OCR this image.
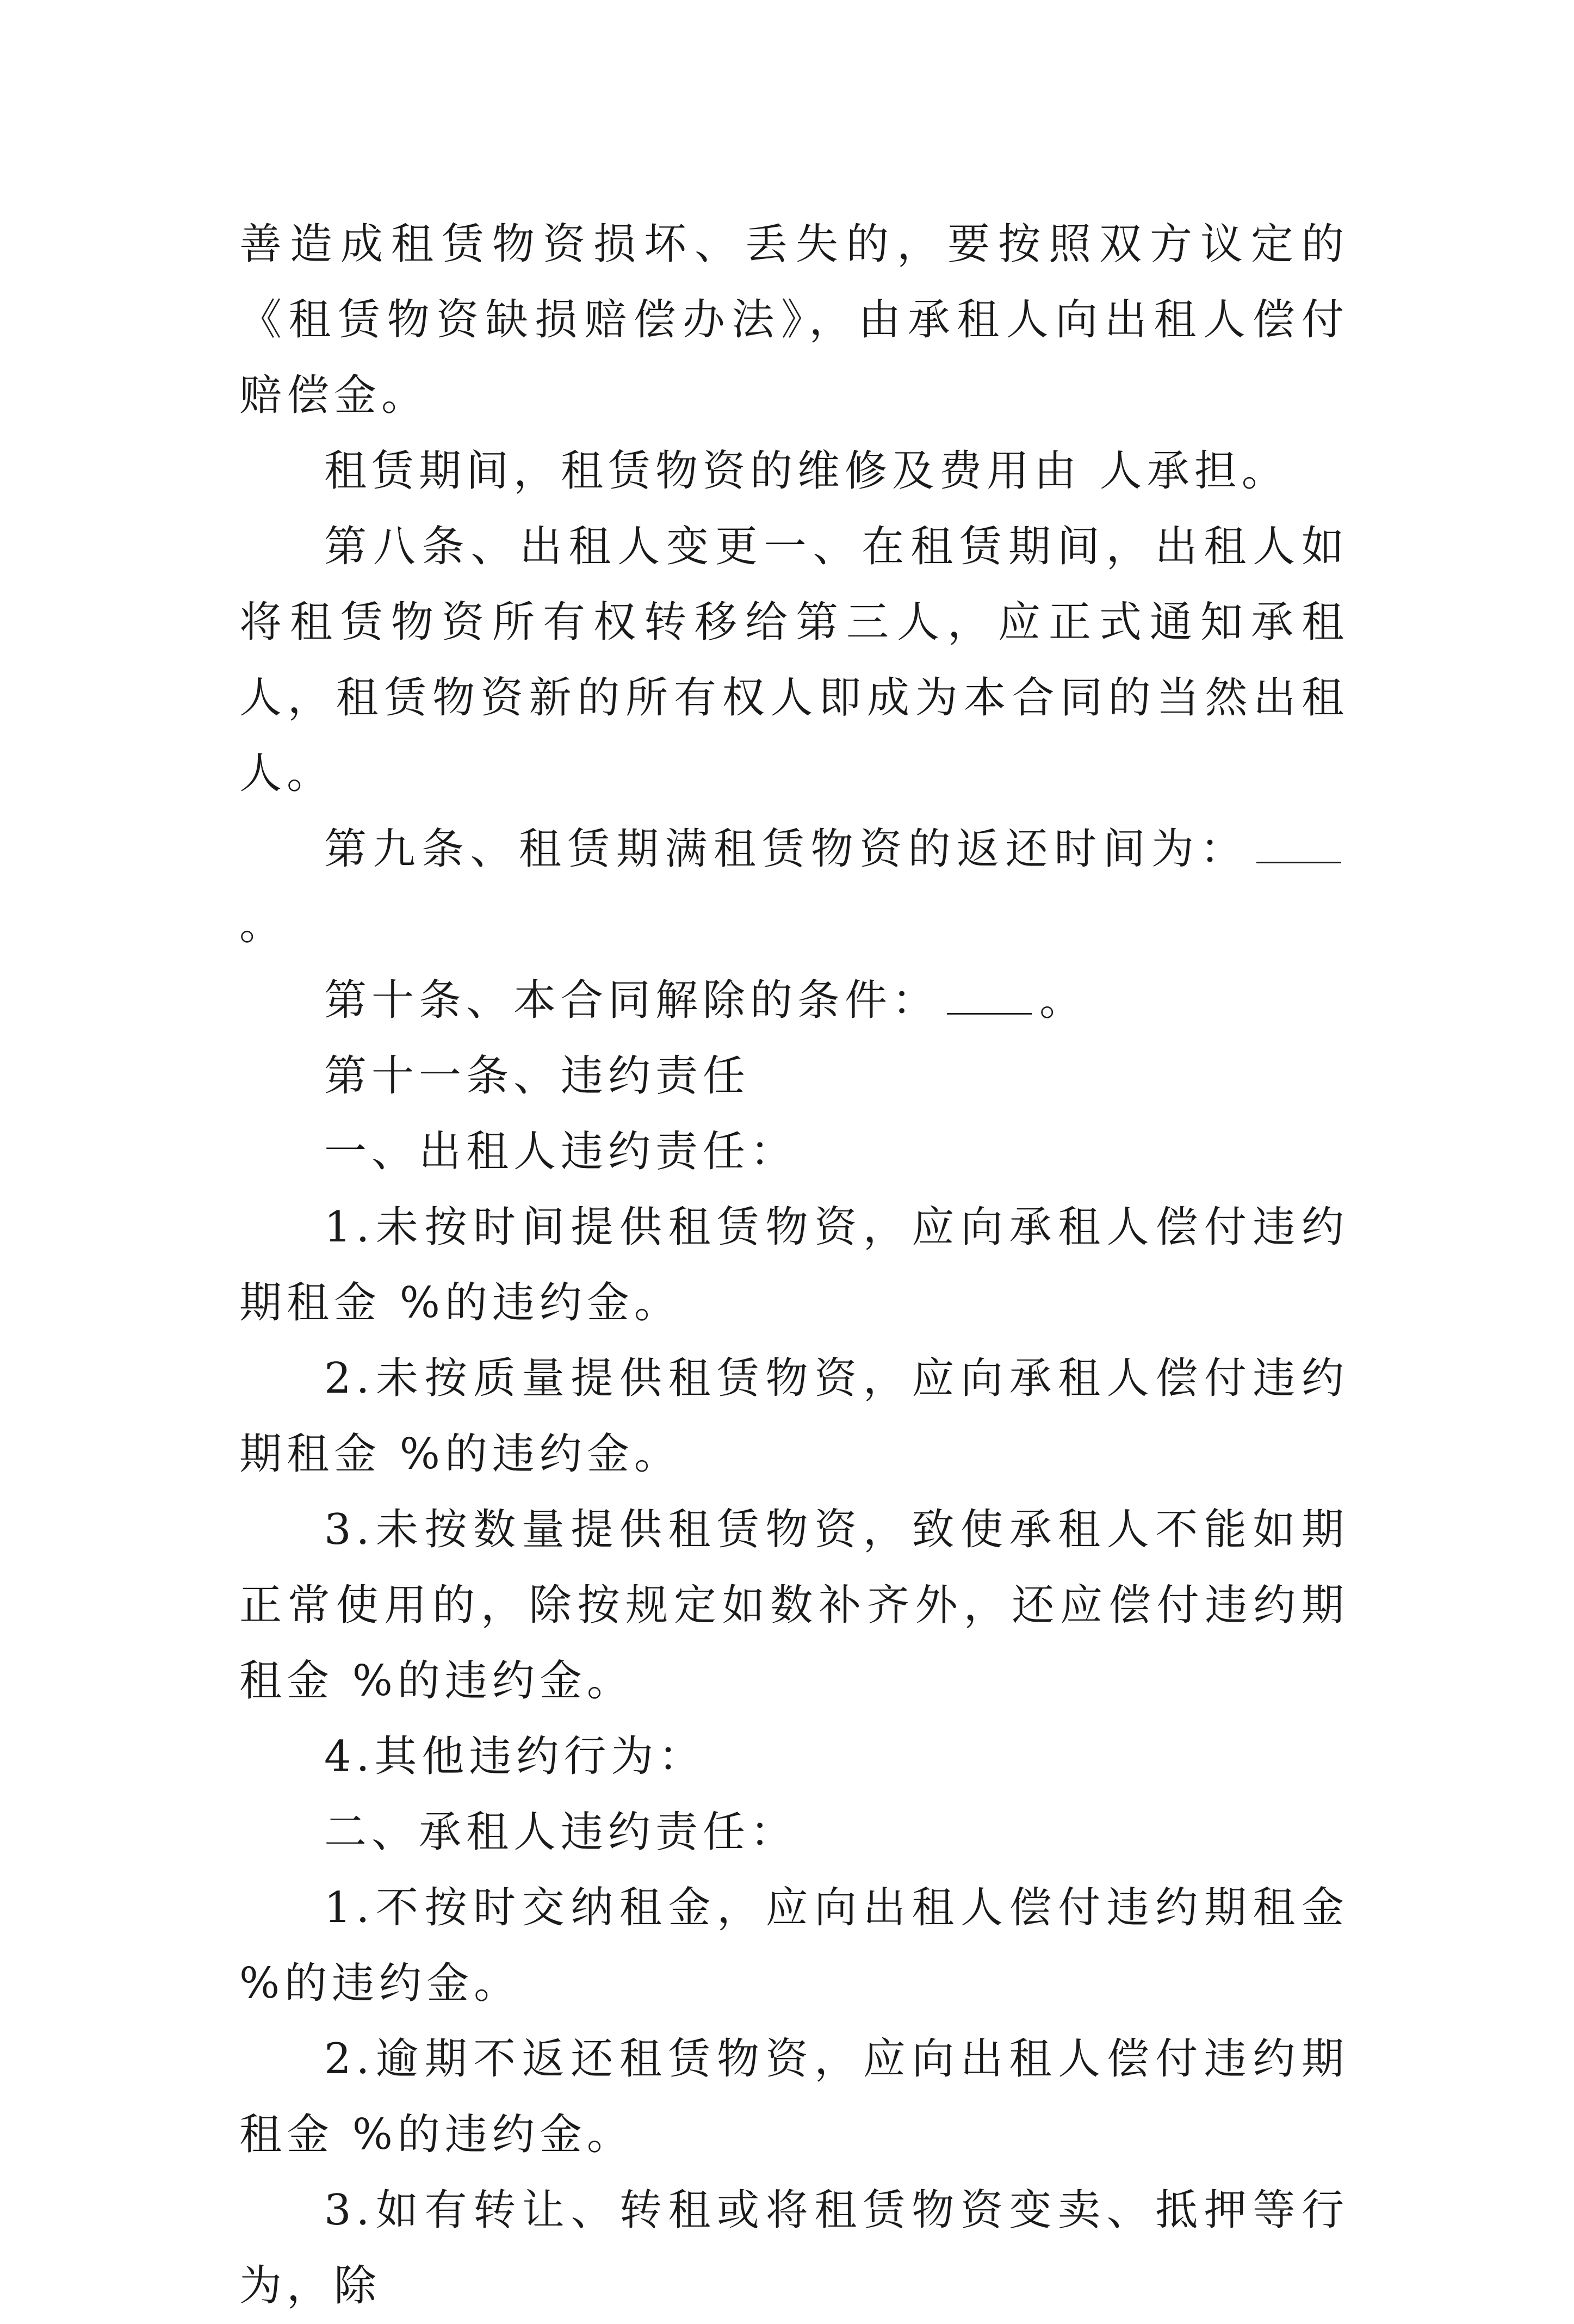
善造成租赁物资损坏、丢失的，要按照双方议定的《租赁物资缺损赔偿办法》，由承租人向出租人偿付赔偿金。

租赁期间，租赁物资的维修及费用由 人承担。

第八条、出租人变更一、在租赁期间，出租人如将租赁物资所有权转移给第三人，应正式通知承租人，租赁物资新的所有权人即成为本合同的当然出租人。

第九条、租赁期满租赁物资的返还时间为：。

第十条、本合同解除的条件： 。

第十一条、违约责任

一、出租人违约责任：

1.未按时间提供租赁物资，应向承租人偿付违约期租金 %的违约金。

2.未按质量提供租赁物资，应向承租人偿付违约期租金 %的违约金。

3.未按数量提供租赁物资，致使承租人不能如期正常使用的，除按规定如数补齐外，还应偿付违约期租金 %的违约金。

4.其他违约行为：

二、承租人违约责任：

1.不按时交纳租金，应向出租人偿付违约期租金 %的违约金。

2.逾期不返还租赁物资，应向出租人偿付违约期租金 %的违约金。

3.如有转让、转租或将租赁物资变卖、抵押等行为，除
